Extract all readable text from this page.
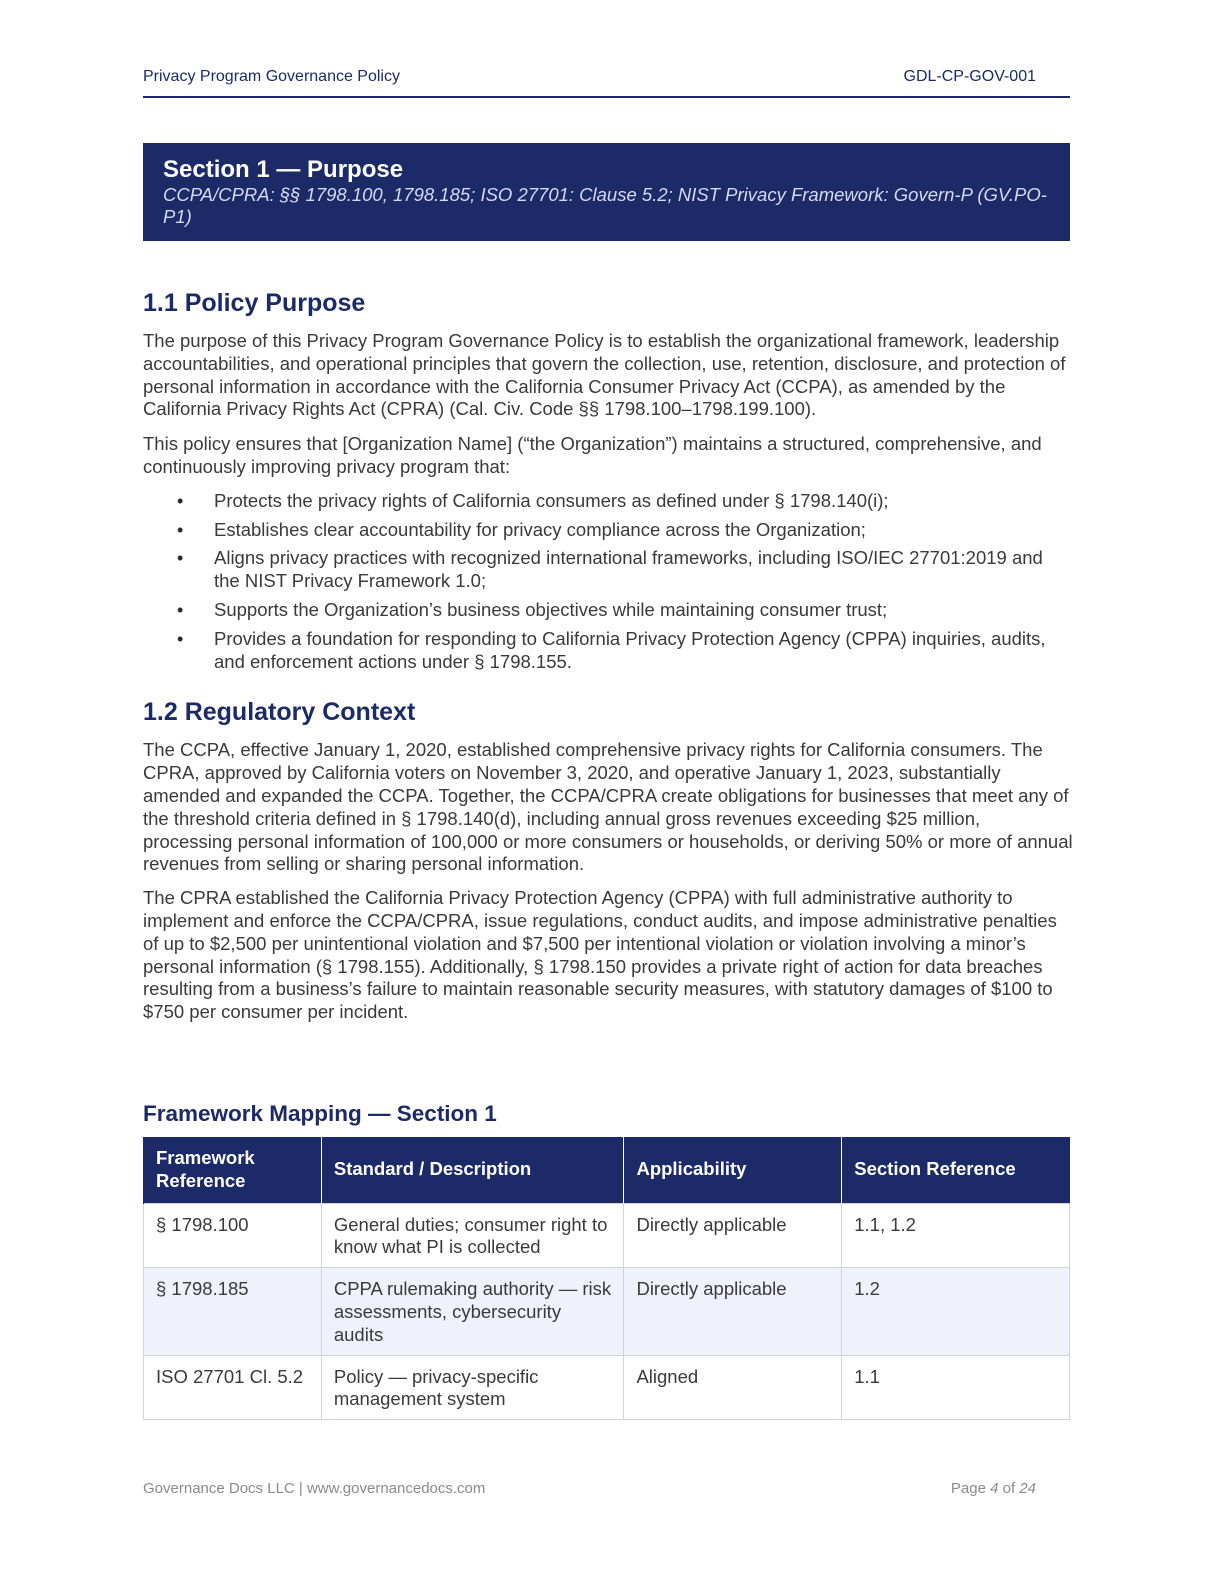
Privacy Program Governance Policy	GDL-CP-GOV-001
Section 1 — Purpose
CCPA/CPRA: §§ 1798.100, 1798.185; ISO 27701: Clause 5.2; NIST Privacy Framework: Govern-P (GV.PO-P1)
1.1 Policy Purpose

The purpose of this Privacy Program Governance Policy is to establish the organizational framework, leadership accountabilities, and operational principles that govern the collection, use, retention, disclosure, and protection of personal information in accordance with the California Consumer Privacy Act (CCPA), as amended by the California Privacy Rights Act (CPRA) (Cal. Civ. Code §§ 1798.100–1798.199.100).

This policy ensures that [Organization Name] (“the Organization”) maintains a structured, comprehensive, and continuously improving privacy program that:

• Protects the privacy rights of California consumers as defined under § 1798.140(i);
• Establishes clear accountability for privacy compliance across the Organization;
• Aligns privacy practices with recognized international frameworks, including ISO/IEC 27701:2019 and the NIST Privacy Framework 1.0;
• Supports the Organization’s business objectives while maintaining consumer trust;
• Provides a foundation for responding to California Privacy Protection Agency (CPPA) inquiries, audits, and enforcement actions under § 1798.155.
1.2 Regulatory Context

The CCPA, effective January 1, 2020, established comprehensive privacy rights for California consumers. The CPRA, approved by California voters on November 3, 2020, and operative January 1, 2023, substantially amended and expanded the CCPA. Together, the CCPA/CPRA create obligations for businesses that meet any of the threshold criteria defined in § 1798.140(d), including annual gross revenues exceeding $25 million, processing personal information of 100,000 or more consumers or households, or deriving 50% or more of annual revenues from selling or sharing personal information.

The CPRA established the California Privacy Protection Agency (CPPA) with full administrative authority to implement and enforce the CCPA/CPRA, issue regulations, conduct audits, and impose administrative penalties of up to $2,500 per unintentional violation and $7,500 per intentional violation or violation involving a minor’s personal information (§ 1798.155). Additionally, § 1798.150 provides a private right of action for data breaches resulting from a business’s failure to maintain reasonable security measures, with statutory damages of $100 to $750 per consumer per incident.

Framework Mapping — Section 1
Framework Reference	Standard / Description	Applicability	Section Reference
§ 1798.100	General duties; consumer right to know what PI is collected	Directly applicable	1.1, 1.2
§ 1798.185	CPPA rulemaking authority — risk assessments, cybersecurity audits	Directly applicable	1.2
ISO 27701 Cl. 5.2	Policy — privacy-specific management system	Aligned	1.1
Governance Docs LLC | www.governancedocs.com	Page 4 of 24
